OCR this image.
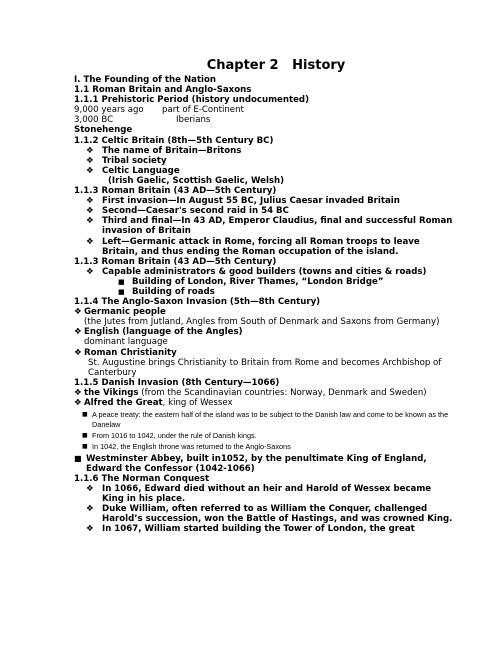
Chapter 2   History
I. The Founding of the Nation
1.1 Roman Britain and Anglo-Saxons
1.1.1 Prehistoric Period (history undocumented)
9,000 years ago part of E-Continent
3,000 BC	Iberians
Stonehenge
1.1.2 Celtic Britain (8th—5th Century BC)
❖ The name of Britain—Britons
❖ Tribal society
❖ Celtic Language
(Irish Gaelic, Scottish Gaelic, Welsh)
1.1.3 Roman Britain (43 AD—5th Century)
❖ First invasion—In August 55 BC, Julius Caesar invaded Britain
❖ Second—Caesar's second raid in 54 BC
❖ Third and final—In 43 AD, Emperor Claudius, final and successful Roman invasion of Britain
❖ Left—Germanic attack in Rome, forcing all Roman troops to leave Britain, and thus ending the Roman occupation of the island.
1.1.3 Roman Britain (43 AD—5th Century)
❖ Capable administrators & good builders (towns and cities & roads)
■ Building of London, River Thames, “London Bridge”
■ Building of roads
1.1.4 The Anglo-Saxon Invasion (5th—8th Century)
❖ Germanic people
(the Jutes from Jutland, Angles from South of Denmark and Saxons from Germany)
❖ English (language of the Angles)
dominant language
❖ Roman Christianity
St. Augustine brings Christianity to Britain from Rome and becomes Archbishop of Canterbury
1.1.5 Danish Invasion (8th Century—1066)
❖ the Vikings (from the Scandinavian countries: Norway, Denmark and Sweden)
❖ Alfred the Great, king of Wessex
■ A peace treaty: the eastern half of the island was to be subject to the Danish law and come to be known as the Danelaw
■ From 1016 to 1042, under the rule of Danish kings.
■ In 1042, the English throne was returned to the Anglo-Saxons
■ Westminster Abbey, built in1052, by the penultimate King of England, Edward the Confessor (1042-1066)
1.1.6 The Norman Conquest
❖ In 1066, Edward died without an heir and Harold of Wessex became King in his place.
❖ Duke William, often referred to as William the Conquer, challenged Harold’s succession, won the Battle of Hastings, and was crowned King.
❖ In 1067, William started building the Tower of London, the great
